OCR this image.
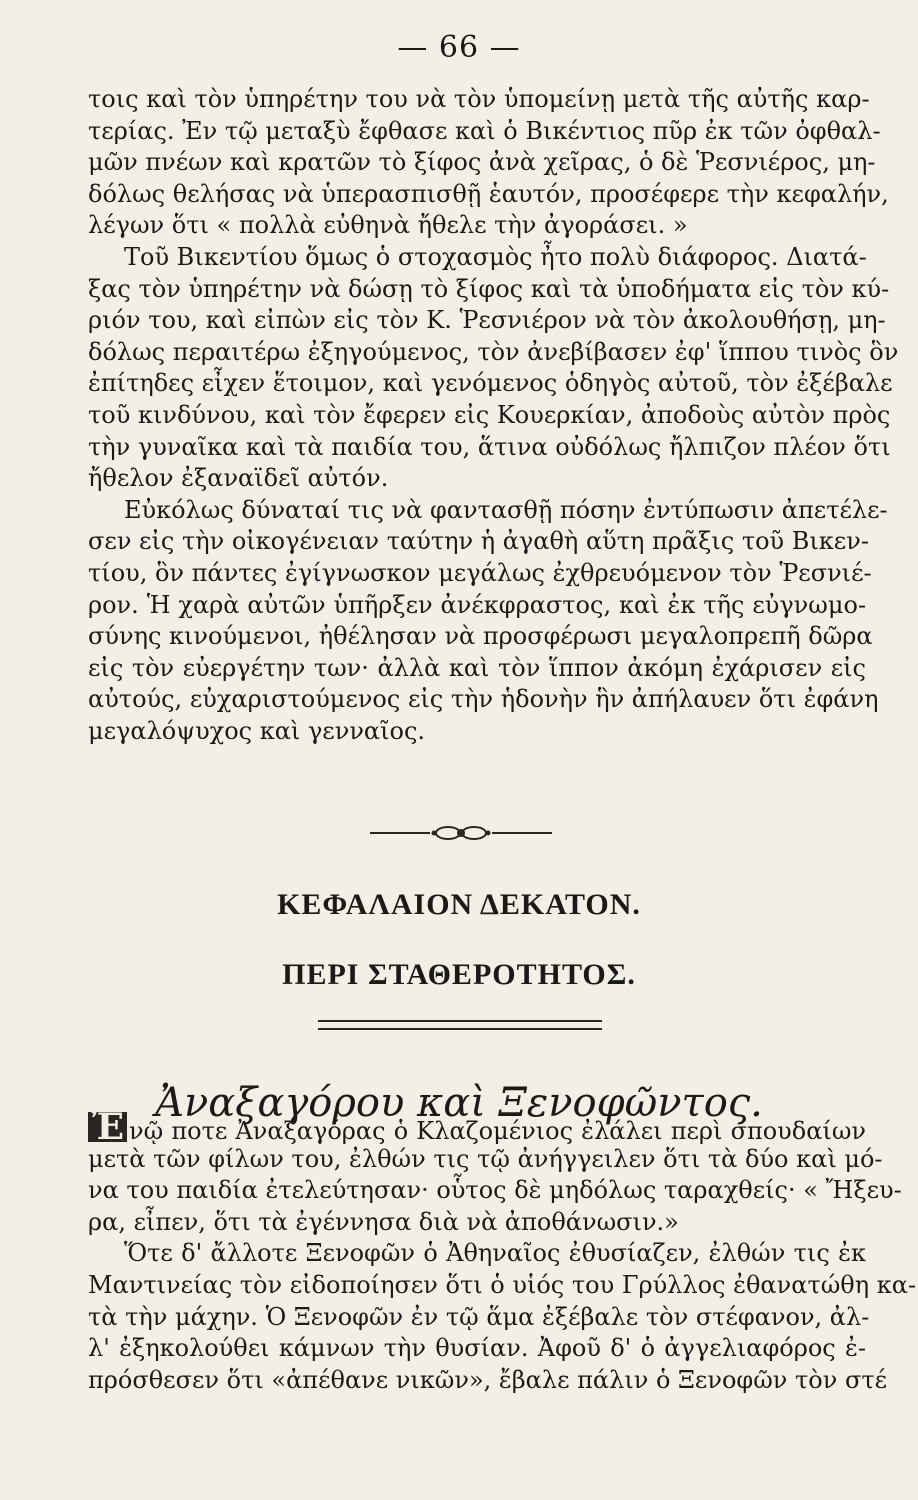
— 66 —
τοις καὶ τὸν ὑπηρέτην του νὰ τὸν ὑπομείνῃ μετὰ τῆς αὐτῆς καρ-
τερίας. Ἐν τῷ μεταξὺ ἔφθασε καὶ ὁ Βικέντιος πῦρ ἐκ τῶν ὀφθαλ-
μῶν πνέων καὶ κρατῶν τὸ ξίφος ἀνὰ χεῖρας, ὁ δὲ Ῥεσνιέρος, μη-
δόλως θελήσας νὰ ὑπερασπισθῇ ἑαυτόν, προσέφερε τὴν κεφαλήν,
λέγων ὅτι « πολλὰ εὐθηνὰ ἤθελε τὴν ἀγοράσει. »
Τοῦ Βικεντίου ὅμως ὁ στοχασμὸς ἦτο πολὺ διάφορος. Διατά-
ξας τὸν ὑπηρέτην νὰ δώσῃ τὸ ξίφος καὶ τὰ ὑποδήματα εἰς τὸν κύ-
ριόν του, καὶ εἰπὼν εἰς τὸν Κ. Ῥεσνιέρον νὰ τὸν ἀκολουθήσῃ, μη-
δόλως περαιτέρω ἐξηγούμενος, τὸν ἀνεβίβασεν ἐφ' ἵππου τινὸς ὃν
ἐπίτηδες εἶχεν ἕτοιμον, καὶ γενόμενος ὁδηγὸς αὐτοῦ, τὸν ἐξέβαλε
τοῦ κινδύνου, καὶ τὸν ἔφερεν εἰς Κουερκίαν, ἀποδοὺς αὐτὸν πρὸς
τὴν γυναῖκα καὶ τὰ παιδία του, ἅτινα οὐδόλως ἤλπιζον πλέον ὅτι
ἤθελον ἐξαναϊδεῖ αὐτόν.
Εὐκόλως δύναταί τις νὰ φαντασθῇ πόσην ἐντύπωσιν ἀπετέλε-
σεν εἰς τὴν οἰκογένειαν ταύτην ἡ ἀγαθὴ αὕτη πρᾶξις τοῦ Βικεν-
τίου, ὃν πάντες ἐγίγνωσκον μεγάλως ἐχθρευόμενον τὸν Ῥεσνιέ-
ρον. Ἡ χαρὰ αὐτῶν ὑπῆρξεν ἀνέκφραστος, καὶ ἐκ τῆς εὐγνωμο-
σύνης κινούμενοι, ἠθέλησαν νὰ προσφέρωσι μεγαλοπρεπῆ δῶρα
εἰς τὸν εὐεργέτην των· ἀλλὰ καὶ τὸν ἵππον ἀκόμη ἐχάρισεν εἰς
αὐτούς, εὐχαριστούμενος εἰς τὴν ἡδονὴν ἣν ἀπήλαυεν ὅτι ἐφάνη
μεγαλόψυχος καὶ γενναῖος.
ΚΕΦΑΛΑΙΟΝ ΔΕΚΑΤΟΝ.
ΠΕΡΙ ΣΤΑΘΕΡΟΤΗΤΟΣ.
Ἀναξαγόρου καὶ Ξενοφῶντος.
Ἐ νῷ ποτε Ἀναξαγόρας ὁ Κλαζομένιος ἐλάλει περὶ σπουδαίων
μετὰ τῶν φίλων του, ἐλθών τις τῷ ἀνήγγειλεν ὅτι τὰ δύο καὶ μό-
να του παιδία ἐτελεύτησαν· οὗτος δὲ μηδόλως ταραχθείς· « Ἤξευ-
ρα, εἶπεν, ὅτι τὰ ἐγέννησα διὰ νὰ ἀποθάνωσιν.»
Ὅτε δ' ἄλλοτε Ξενοφῶν ὁ Ἀθηναῖος ἐθυσίαζεν, ἐλθών τις ἐκ
Μαντινείας τὸν εἰδοποίησεν ὅτι ὁ υἱός του Γρύλλος ἐθανατώθη κα-
τὰ τὴν μάχην. Ὁ Ξενοφῶν ἐν τῷ ἅμα ἐξέβαλε τὸν στέφανον, ἀλ-
λ' ἐξηκολούθει κάμνων τὴν θυσίαν. Ἀφοῦ δ' ὁ ἀγγελιαφόρος ἐ-
πρόσθεσεν ὅτι «ἀπέθανε νικῶν», ἔβαλε πάλιν ὁ Ξενοφῶν τὸν στέ
